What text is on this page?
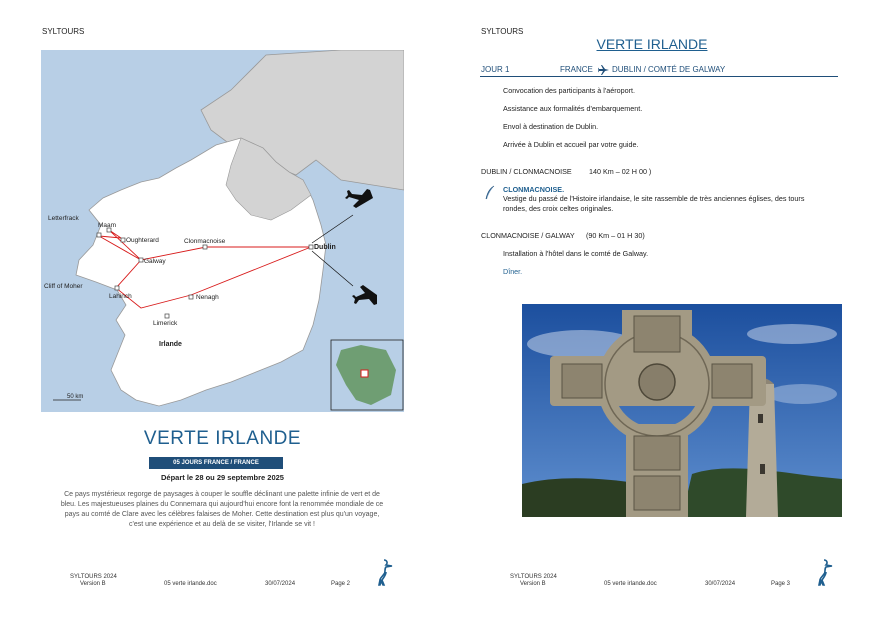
SYLTOURS
Letterfrack
Maam
Oughterard	Clonmacnoise
Dublin
Galway
Cliff of Moher
Lahinch	Nenagh
Limerick
Irlande
50 km
VERTE IRLANDE
05 JOURS FRANCE / FRANCE
Départ le 28 ou 29 septembre 2025
Ce pays mystérieux regorge de paysages à couper le souffle déclinant une palette infinie de vert et de
bleu. Les majestueuses plaines du Connemara qui aujourd'hui encore font la renommée mondiale de ce
pays au comté de Clare avec les célèbres falaises de Moher. Cette destination est plus qu'un voyage,
c'est une expérience et au delà de se visiter, l'Irlande se vit !
SYLTOURS 2024
Version B	05 verte irlande.doc	30/07/2024	Page 2
SYLTOURS
VERTE IRLANDE
JOUR 1	FRANCE DUBLIN / COMTÉ DE GALWAY
Convocation des participants à l'aéroport.
Assistance aux formalités d'embarquement.
Envol à destination de Dublin.
Arrivée à Dublin et accueil par votre guide.
DUBLIN / CLONMACNOISE 140 Km – 02 H 00 )
CLONMACNOISE.
Vestige du passé de l'Histoire irlandaise, le site rassemble de très anciennes églises, des tours
rondes, des croix celtes originales.
CLONMACNOISE / GALWAY (90 Km – 01 H 30)
Installation à l'hôtel dans le comté de Galway.
Dîner.
SYLTOURS 2024
Version B	05 verte irlande.doc	30/07/2024	Page 3
